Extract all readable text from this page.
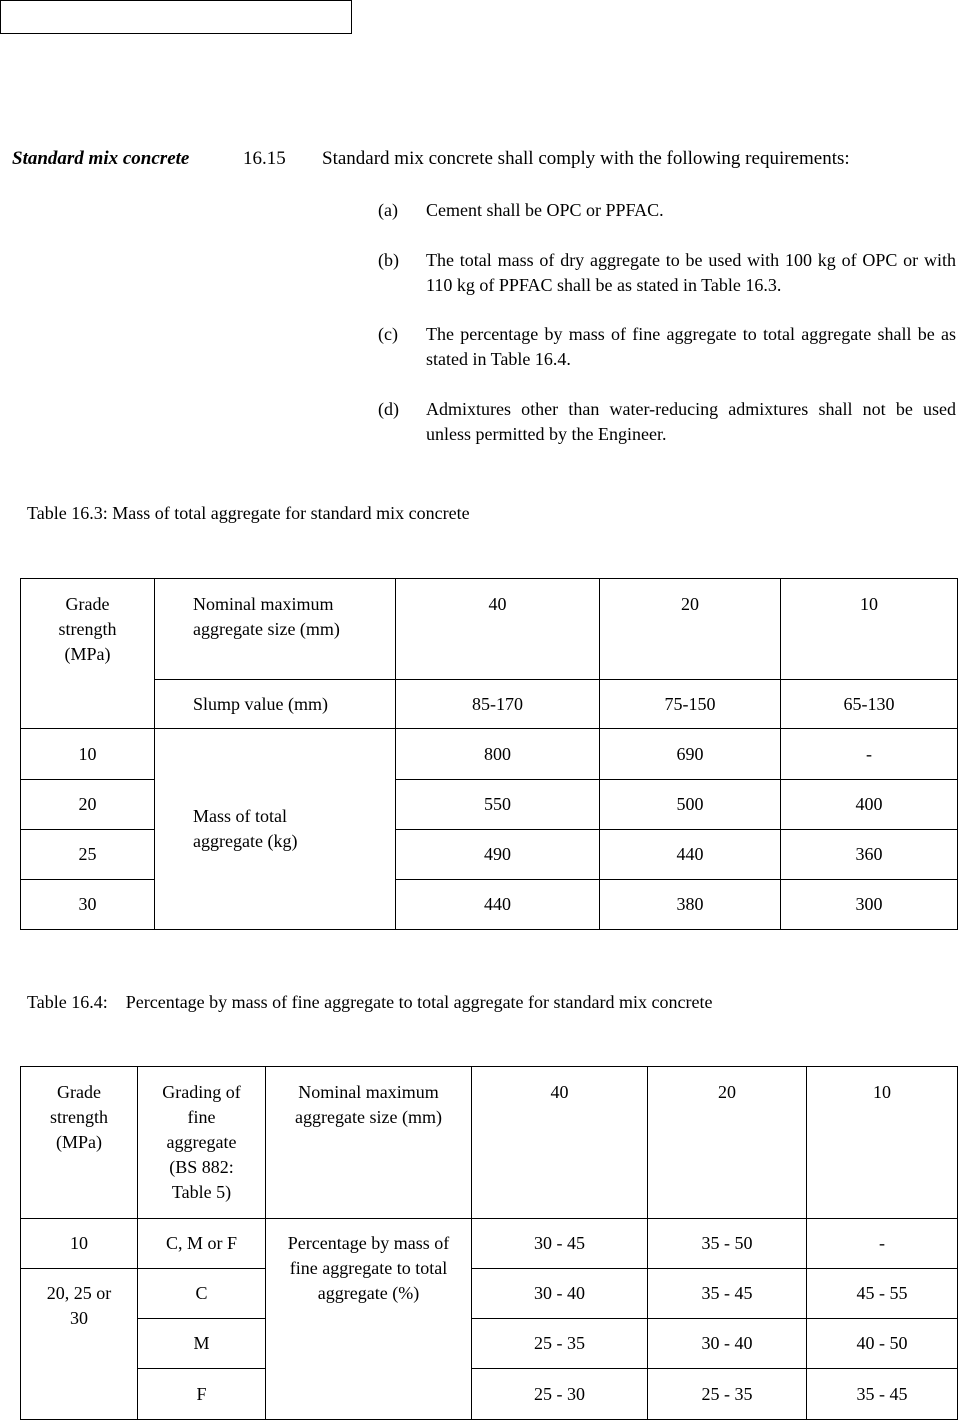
Standard mix concrete	16.15 Standard mix concrete shall comply with the following requirements:
(a) Cement shall be OPC or PPFAC.
(b) The total mass of dry aggregate to be used with 100 kg of OPC or with 110 kg of PPFAC shall be as stated in Table 16.3.
(c) The percentage by mass of fine aggregate to total aggregate shall be as stated in Table 16.4.
(d) Admixtures other than water-reducing admixtures shall not be used unless permitted by the Engineer.
Table 16.3: Mass of total aggregate for standard mix concrete
Grade strength (MPa)	Nominal maximum aggregate size (mm)	40	20	10
	Slump value (mm)	85-170	75-150	65-130
10	Mass of total aggregate (kg)	800	690	-
20		550	500	400
25		490	440	360
30		440	380	300
Table 16.4:    Percentage by mass of fine aggregate to total aggregate for standard mix concrete
Grade strength (MPa)	Grading of fine aggregate (BS 882: Table 5)	Nominal maximum aggregate size (mm)	40	20	10
10	C, M or F	Percentage by mass of fine aggregate to total aggregate (%)	30 - 45	35 - 50	-

20, 25 or 30	C		30 - 40	35 - 45	45 - 55
	M		25 - 35	30 - 40	40 - 50
	F		25 - 30	25 - 35	35 - 45
